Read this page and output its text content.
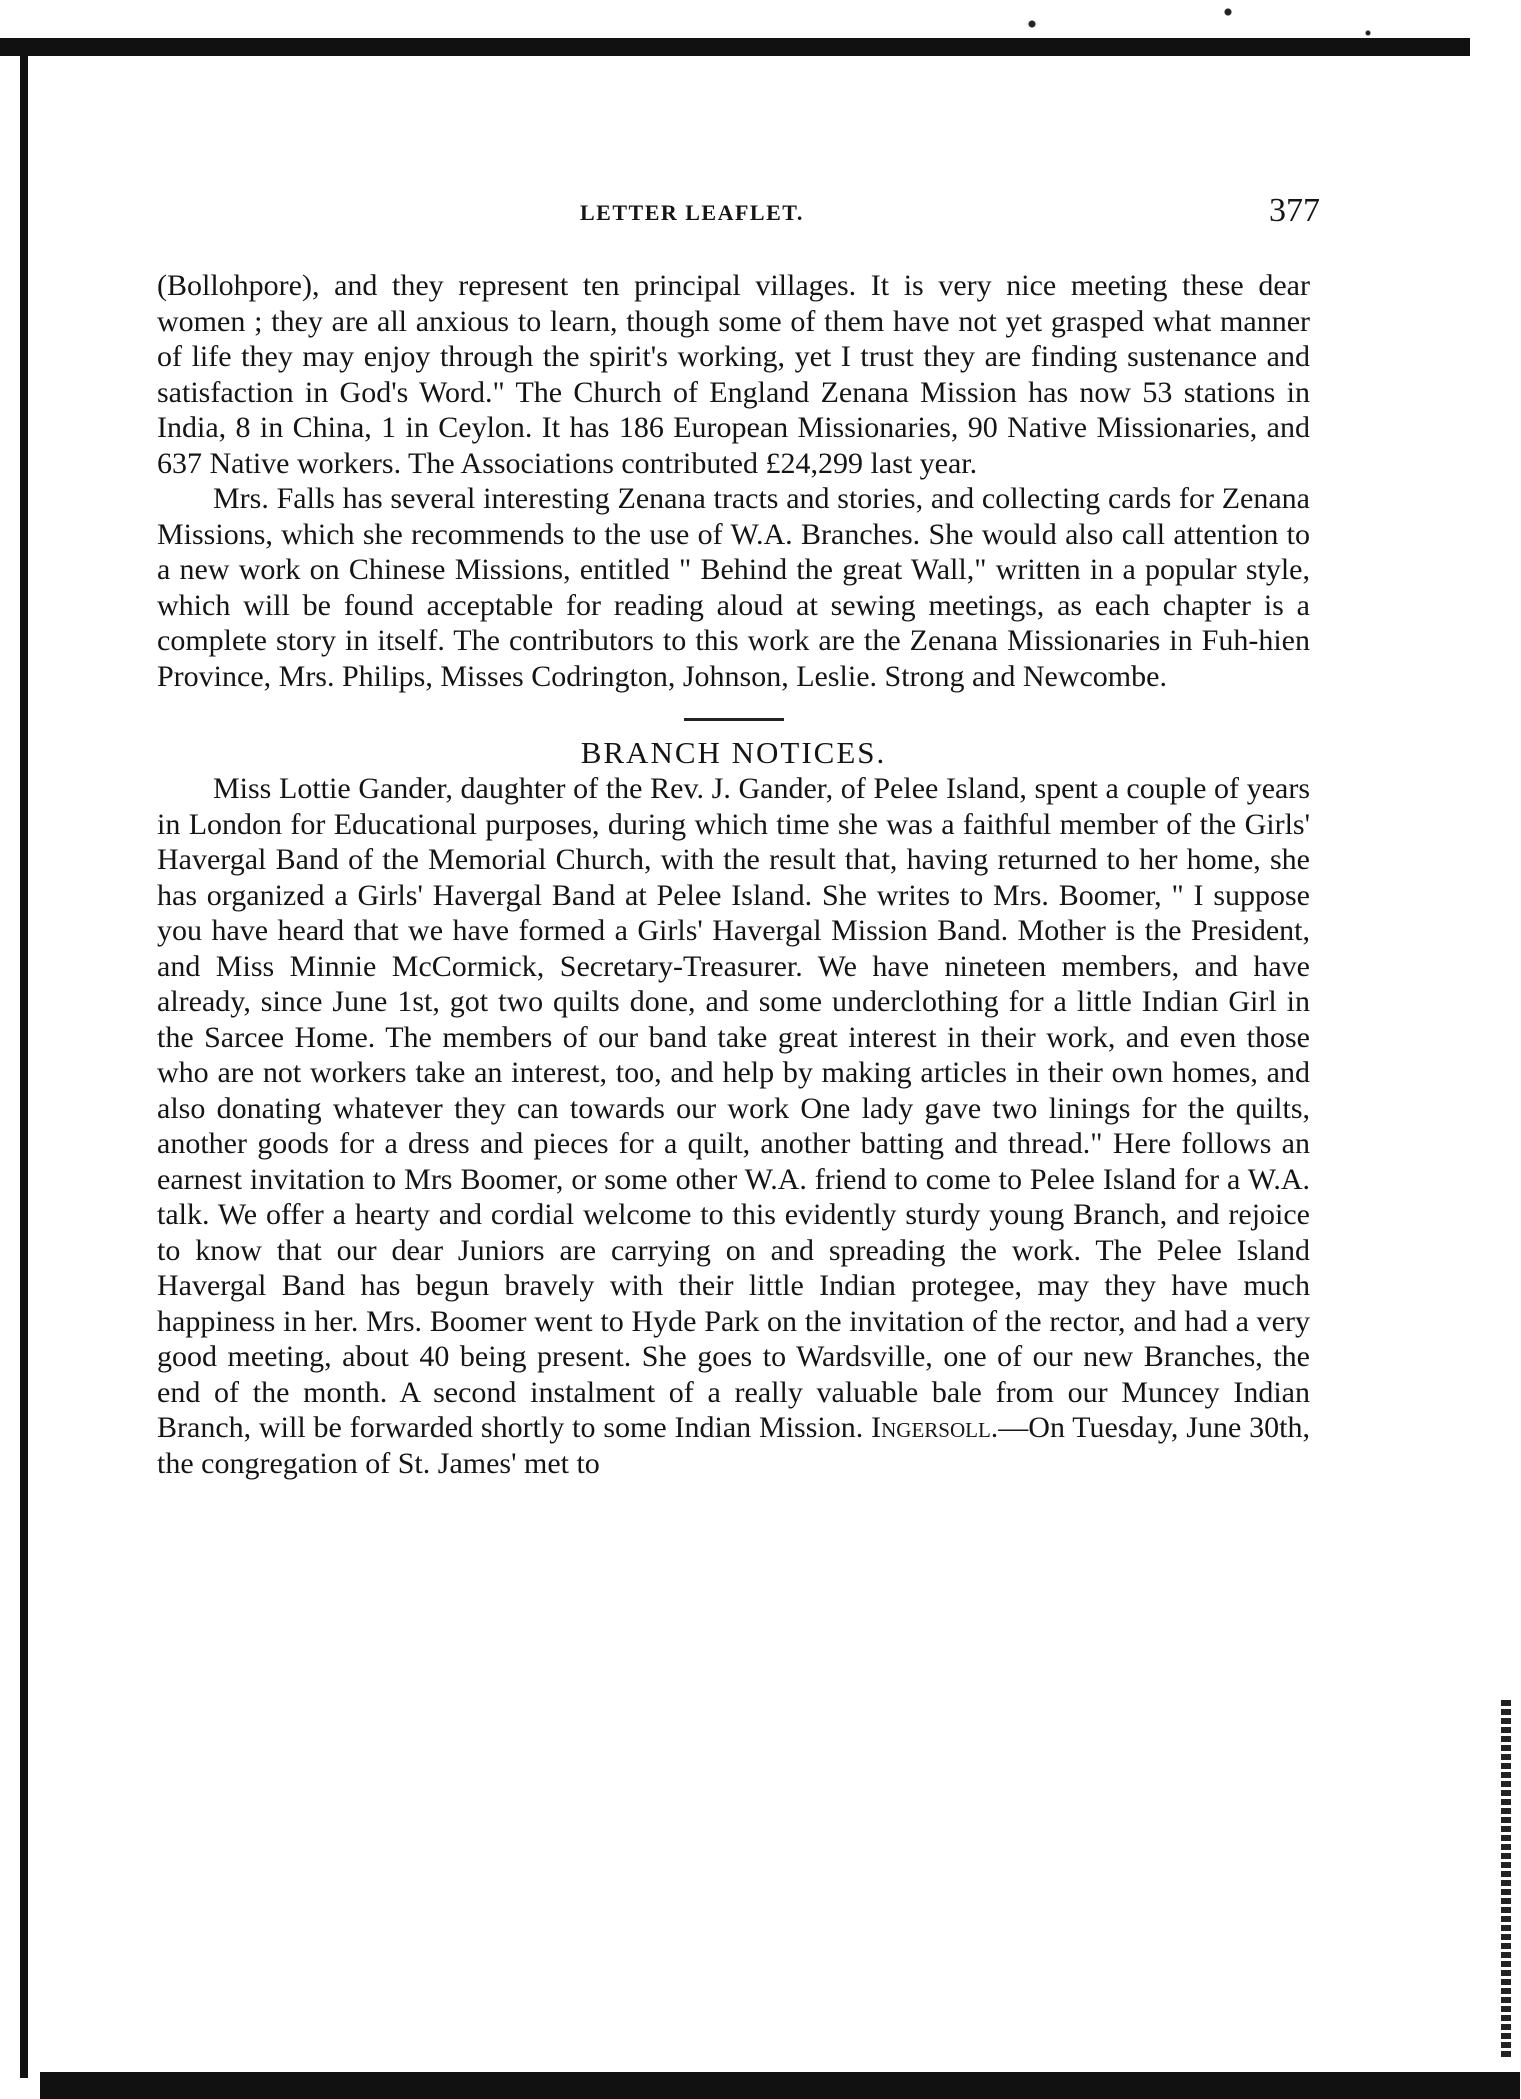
LETTER LEAFLET.	377

(Bollohpore), and they represent ten principal villages. It is very nice meeting these dear women ; they are all anxious to learn, though some of them have not yet grasped what manner of life they may enjoy through the spirit's working, yet I trust they are finding sustenance and satisfaction in God's Word." The Church of England Zenana Mission has now 53 stations in India, 8 in China, 1 in Ceylon. It has 186 European Missionaries, 90 Native Missionaries, and 637 Native workers. The Associations contributed £24,299 last year.

Mrs. Falls has several interesting Zenana tracts and stories, and collecting cards for Zenana Missions, which she recommends to the use of W.A. Branches. She would also call attention to a new work on Chinese Missions, entitled " Behind the great Wall," written in a popular style, which will be found acceptable for reading aloud at sewing meetings, as each chapter is a complete story in itself. The contributors to this work are the Zenana Missionaries in Fuh-hien Province, Mrs. Philips, Misses Codrington, Johnson, Leslie. Strong and Newcombe.

BRANCH NOTICES.

Miss Lottie Gander, daughter of the Rev. J. Gander, of Pelee Island, spent a couple of years in London for Educational purposes, during which time she was a faithful member of the Girls' Havergal Band of the Memorial Church, with the result that, having returned to her home, she has organized a Girls' Havergal Band at Pelee Island. She writes to Mrs. Boomer, " I suppose you have heard that we have formed a Girls' Havergal Mission Band. Mother is the President, and Miss Minnie McCormick, Secretary-Treasurer. We have nineteen members, and have already, since June 1st, got two quilts done, and some underclothing for a little Indian Girl in the Sarcee Home. The members of our band take great interest in their work, and even those who are not workers take an interest, too, and help by making articles in their own homes, and also donating whatever they can towards our work One lady gave two linings for the quilts, another goods for a dress and pieces for a quilt, another batting and thread." Here follows an earnest invitation to Mrs Boomer, or some other W.A. friend to come to Pelee Island for a W.A. talk. We offer a hearty and cordial welcome to this evidently sturdy young Branch, and rejoice to know that our dear Juniors are carrying on and spreading the work. The Pelee Island Havergal Band has begun bravely with their little Indian protegee, may they have much happiness in her. Mrs. Boomer went to Hyde Park on the invitation of the rector, and had a very good meeting, about 40 being present. She goes to Wardsville, one of our new Branches, the end of the month. A second instalment of a really valuable bale from our Muncey Indian Branch, will be forwarded shortly to some Indian Mission. Ingersoll.—On Tuesday, June 30th, the congregation of St. James' met to
